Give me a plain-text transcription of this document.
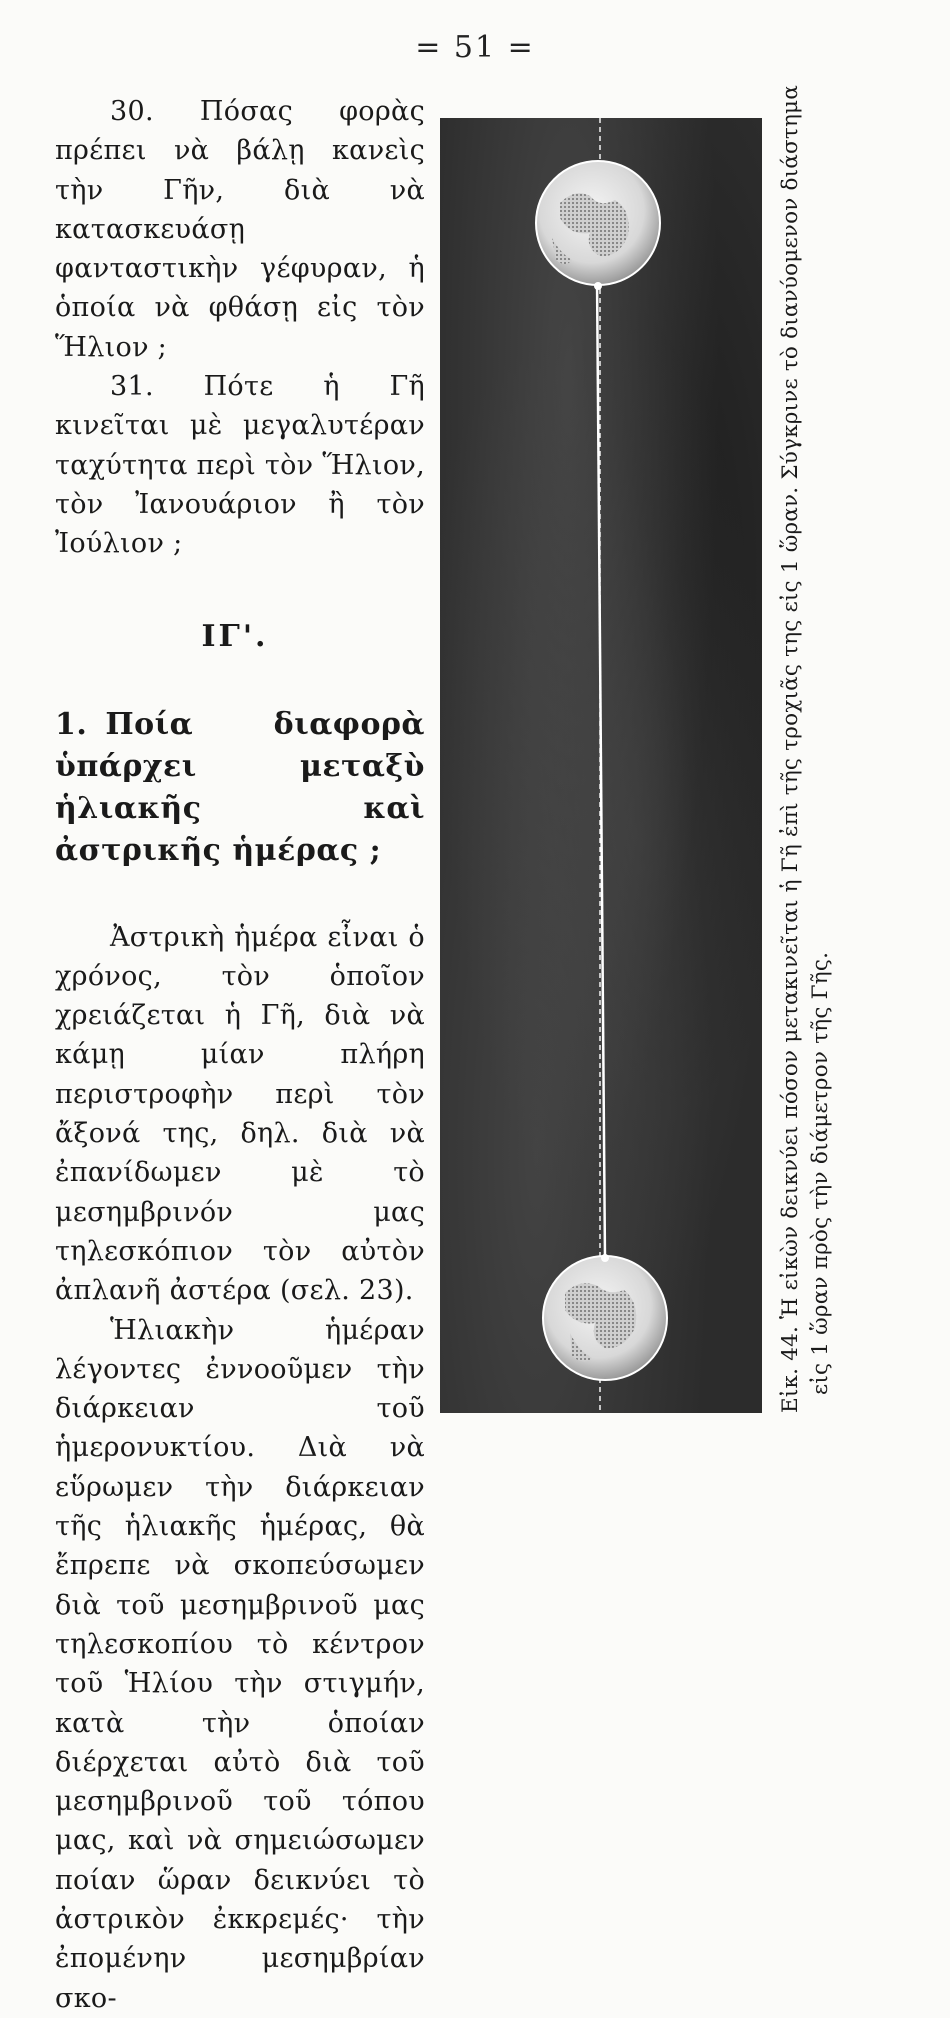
= 51 =

30. Πόσας φορὰς πρέπει νὰ βάλῃ κανεὶς τὴν Γῆν, διὰ νὰ κατασκευάσῃ φανταστικὴν γέφυραν, ἡ ὁποία νὰ φθάσῃ εἰς τὸν Ἥλιον ;

31. Πότε ἡ Γῆ κινεῖται μὲ μεγαλυτέραν ταχύτητα περὶ τὸν Ἥλιον, τὸν Ἰανουάριον ἢ τὸν Ἰούλιον ;

ΙΓ'.

1. Ποία διαφορὰ ὑπάρχει μεταξὺ ἡλιακῆς καὶ ἀστρικῆς ἡμέρας ;

Ἀστρικὴ ἡμέρα εἶναι ὁ χρόνος, τὸν ὁποῖον χρειάζεται ἡ Γῆ, διὰ νὰ κάμῃ μίαν πλήρη περιστροφὴν περὶ τὸν ἄξονά της, δηλ. διὰ νὰ ἐπανίδωμεν μὲ τὸ μεσημβρινόν μας τηλεσκόπιον τὸν αὐτὸν ἀπλανῆ ἀστέρα (σελ. 23).

Ἡλιακὴν ἡμέραν λέγοντες ἐννοοῦμεν τὴν διάρκειαν τοῦ ἡμερονυκτίου. Διὰ νὰ εὕρωμεν τὴν διάρκειαν τῆς ἡλιακῆς ἡμέρας, θὰ ἔπρεπε νὰ σκοπεύσωμεν διὰ τοῦ μεσημβρινοῦ μας τηλεσκοπίου τὸ κέντρον τοῦ Ἡλίου τὴν στιγμήν, κατὰ τὴν ὁποίαν διέρχεται αὐτὸ διὰ τοῦ μεσημβρινοῦ τοῦ τόπου μας, καὶ νὰ σημειώσωμεν ποίαν ὥραν δεικνύει τὸ ἀστρικὸν ἐκκρεμές· τὴν ἐπομένην μεσημβρίαν σκο-

Εἰκ. 44. Ἡ εἰκὼν δεικνύει πόσον μετακινεῖται ἡ Γῆ ἐπὶ τῆς τροχιᾶς της εἰς 1 ὥραν. Σύγκρινε τὸ διανύομενον διάστημα εἰς 1 ὥραν πρὸς τὴν διάμετρον τῆς Γῆς.
